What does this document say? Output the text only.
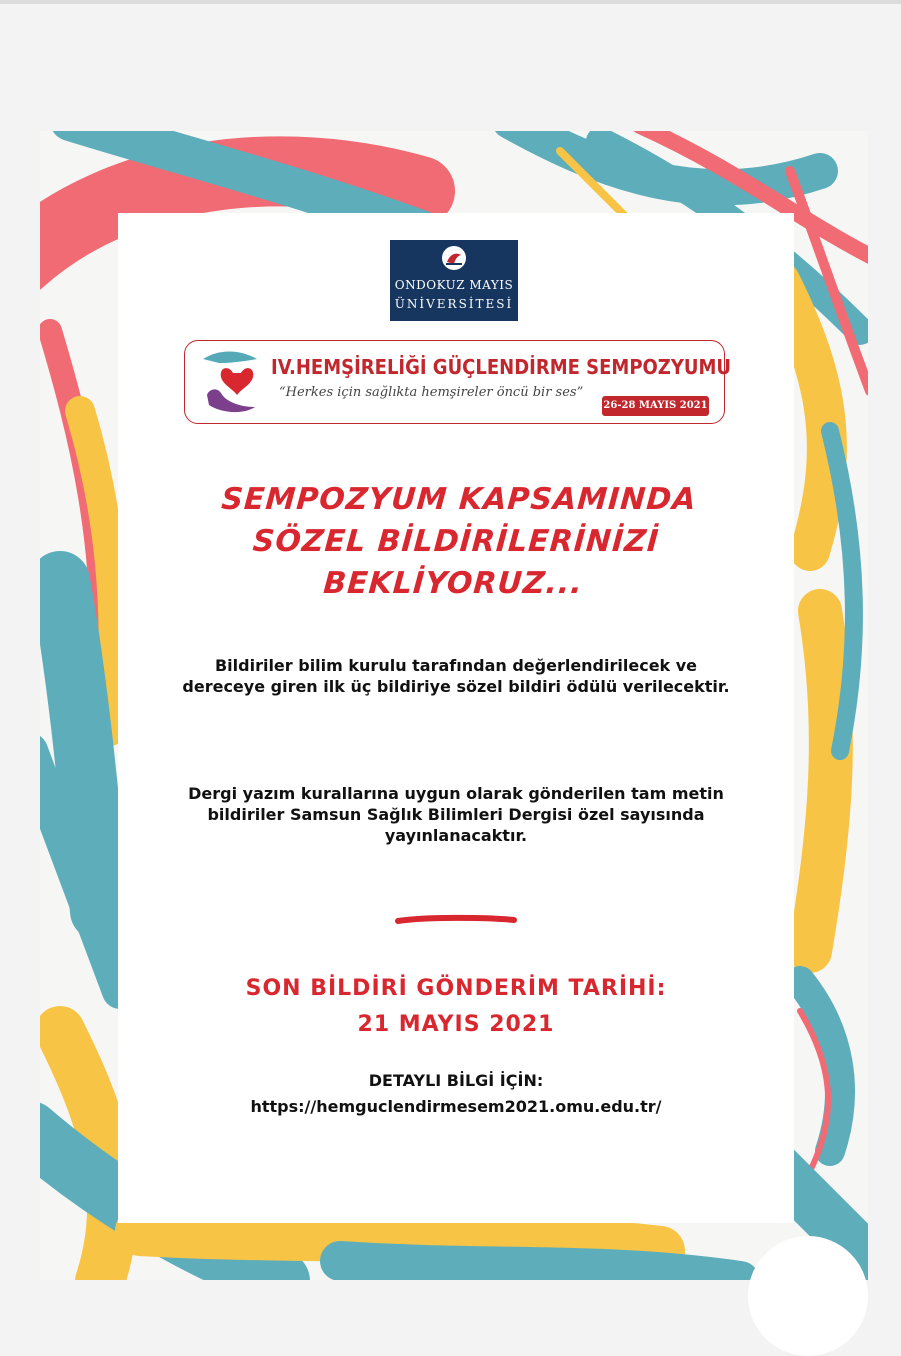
ONDOKUZ MAYIS
ÜNİVERSİTESİ
IV.HEMŞİRELİĞİ GÜÇLENDİRME SEMPOZYUMU
“Herkes için sağlıkta hemşireler öncü bir ses”
26-28 MAYIS 2021
SEMPOZYUM KAPSAMINDA
SÖZEL BİLDİRİLERİNİZİ
BEKLİYORUZ...
Bildiriler bilim kurulu tarafından değerlendirilecek ve dereceye giren ilk üç bildiriye sözel bildiri ödülü verilecektir.
Dergi yazım kurallarına uygun olarak gönderilen tam metin bildiriler Samsun Sağlık Bilimleri Dergisi özel sayısında yayınlanacaktır.
SON BİLDİRİ GÖNDERİM TARİHİ:
21 MAYIS 2021
DETAYLI BİLGİ İÇİN:
https://hemguclendirmesem2021.omu.edu.tr/
